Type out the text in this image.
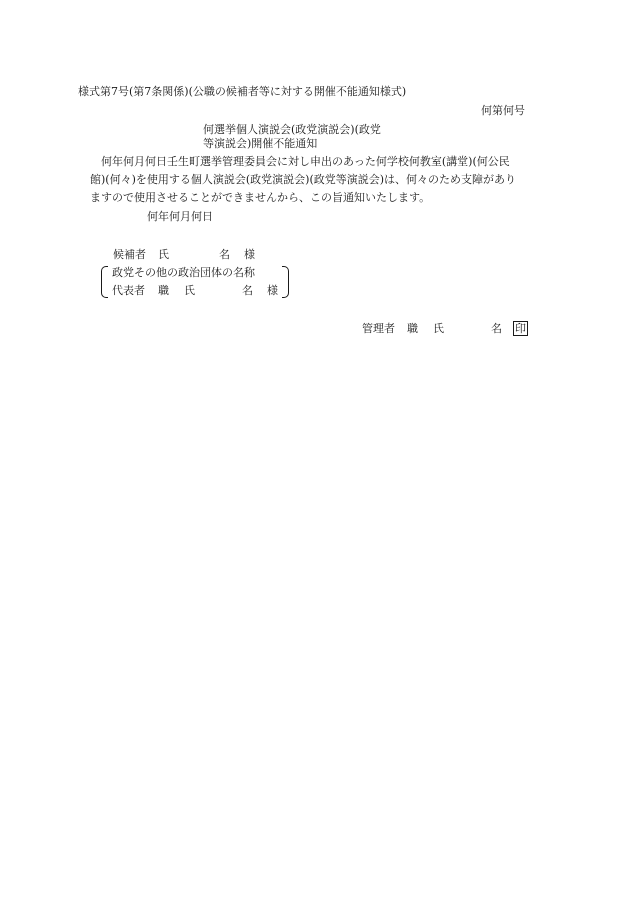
様式第7号(第7条関係)(公職の候補者等に対する開催不能通知様式)
何第何号
何選挙個人演説会(政党演説会)(政党
等演説会)開催不能通知
何年何月何日壬生町選挙管理委員会に対し申出のあった何学校何教室(講堂)(何公民
館)(何々)を使用する個人演説会(政党演説会)(政党等演説会)は、何々のため支障があり
ますので使用させることができませんから、この旨通知いたします。
何年何月何日
候補者 氏	名 様
政党その他の政治団体の名称
代表者 職 氏	名 様
管理者 職 氏	名	印
